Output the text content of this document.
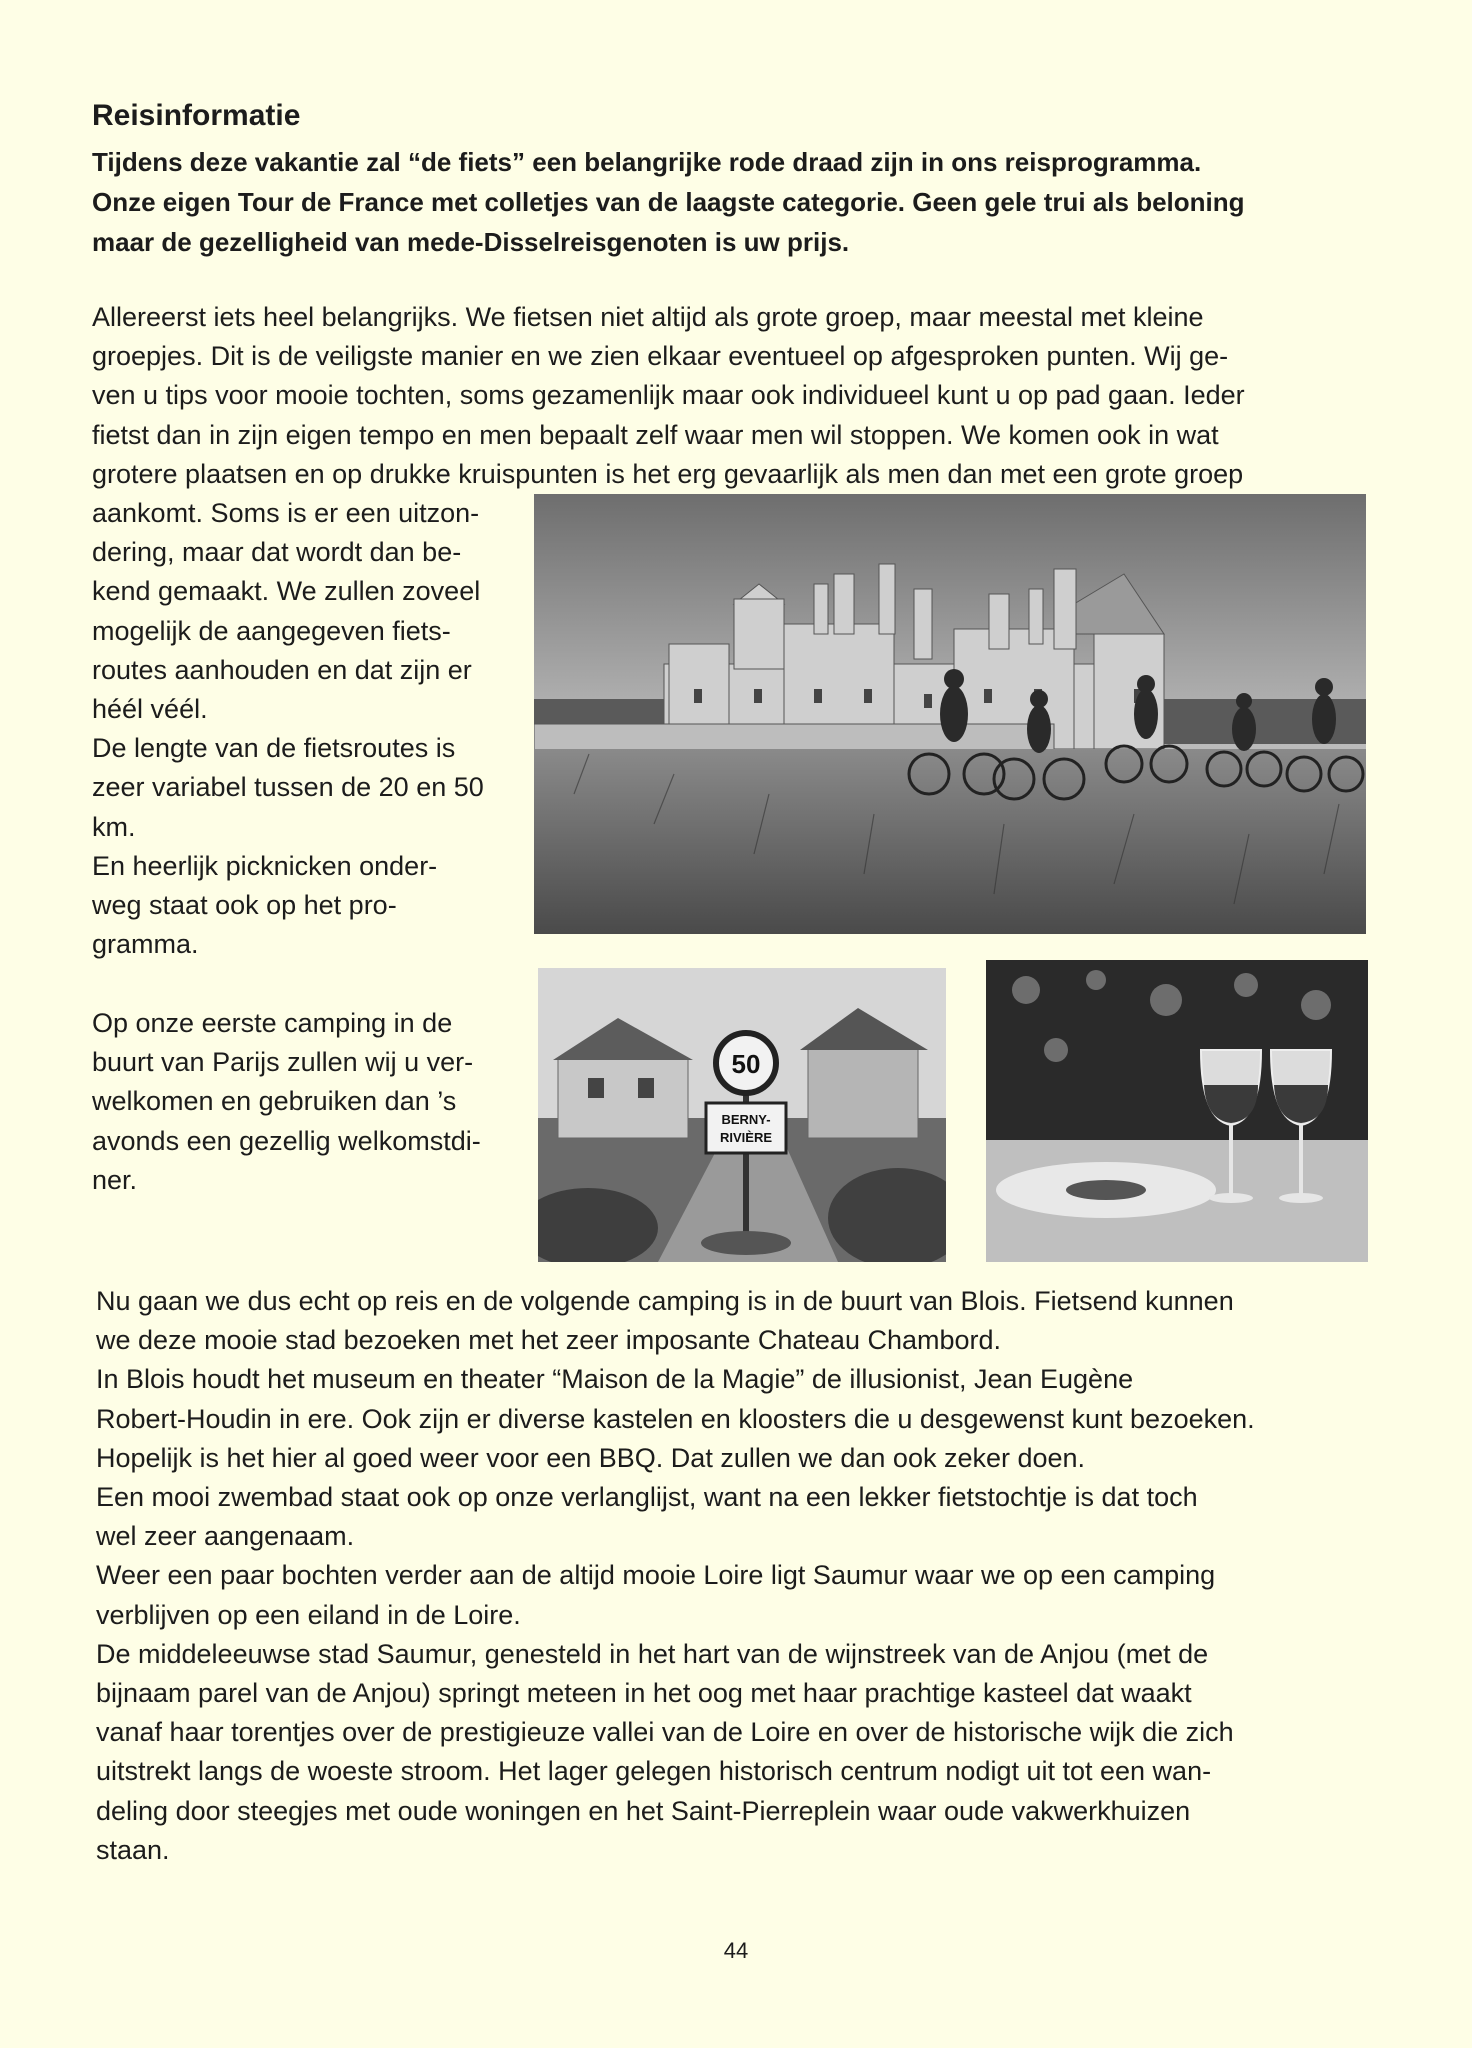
Reisinformatie

Tijdens deze vakantie zal “de fiets” een belangrijke rode draad zijn in ons reisprogramma.
Onze eigen Tour de France met colletjes van de laagste categorie. Geen gele trui als beloning
maar de gezelligheid van mede-Disselreisgenoten is uw prijs.

Allereerst iets heel belangrijks. We fietsen niet altijd als grote groep, maar meestal met kleine
groepjes. Dit is de veiligste manier en we zien elkaar eventueel op afgesproken punten. Wij ge-
ven u tips voor mooie tochten, soms gezamenlijk maar ook individueel kunt u op pad gaan. Ieder
fietst dan in zijn eigen tempo en men bepaalt zelf waar men wil stoppen. We komen ook in wat
grotere plaatsen en op drukke kruispunten is het erg gevaarlijk als men dan met een grote groep

aankomt. Soms is er een uitzon-
dering, maar dat wordt dan be-
kend gemaakt. We zullen zoveel
mogelijk de aangegeven fiets-
routes aanhouden en dat zijn er
héél véél.
De lengte van de fietsroutes is
zeer variabel tussen de 20 en 50
km.
En heerlijk picknicken onder-
weg staat ook op het pro-
gramma.

Op onze eerste camping in de
buurt van Parijs zullen wij u ver-
welkomen en gebruiken dan ’s
avonds een gezellig welkomstdi-
ner.

50
BERNY-
RIVIÈRE

Nu gaan we dus echt op reis en de volgende camping is in de buurt van Blois. Fietsend kunnen
we deze mooie stad bezoeken met het zeer imposante Chateau Chambord.
In Blois houdt het museum en theater “Maison de la Magie” de illusionist, Jean Eugène
Robert-Houdin in ere. Ook zijn er diverse kastelen en kloosters die u desgewenst kunt bezoeken.
Hopelijk is het hier al goed weer voor een BBQ. Dat zullen we dan ook zeker doen.
Een mooi zwembad staat ook op onze verlanglijst, want na een lekker fietstochtje is dat toch
wel zeer aangenaam.
Weer een paar bochten verder aan de altijd mooie Loire ligt Saumur waar we op een camping
verblijven op een eiland in de Loire.
De middeleeuwse stad Saumur, genesteld in het hart van de wijnstreek van de Anjou (met de
bijnaam parel van de Anjou) springt meteen in het oog met haar prachtige kasteel dat waakt
vanaf haar torentjes over de prestigieuze vallei van de Loire en over de historische wijk die zich
uitstrekt langs de woeste stroom. Het lager gelegen historisch centrum nodigt uit tot een wan-
deling door steegjes met oude woningen en het Saint-Pierreplein waar oude vakwerkhuizen
staan.

44
